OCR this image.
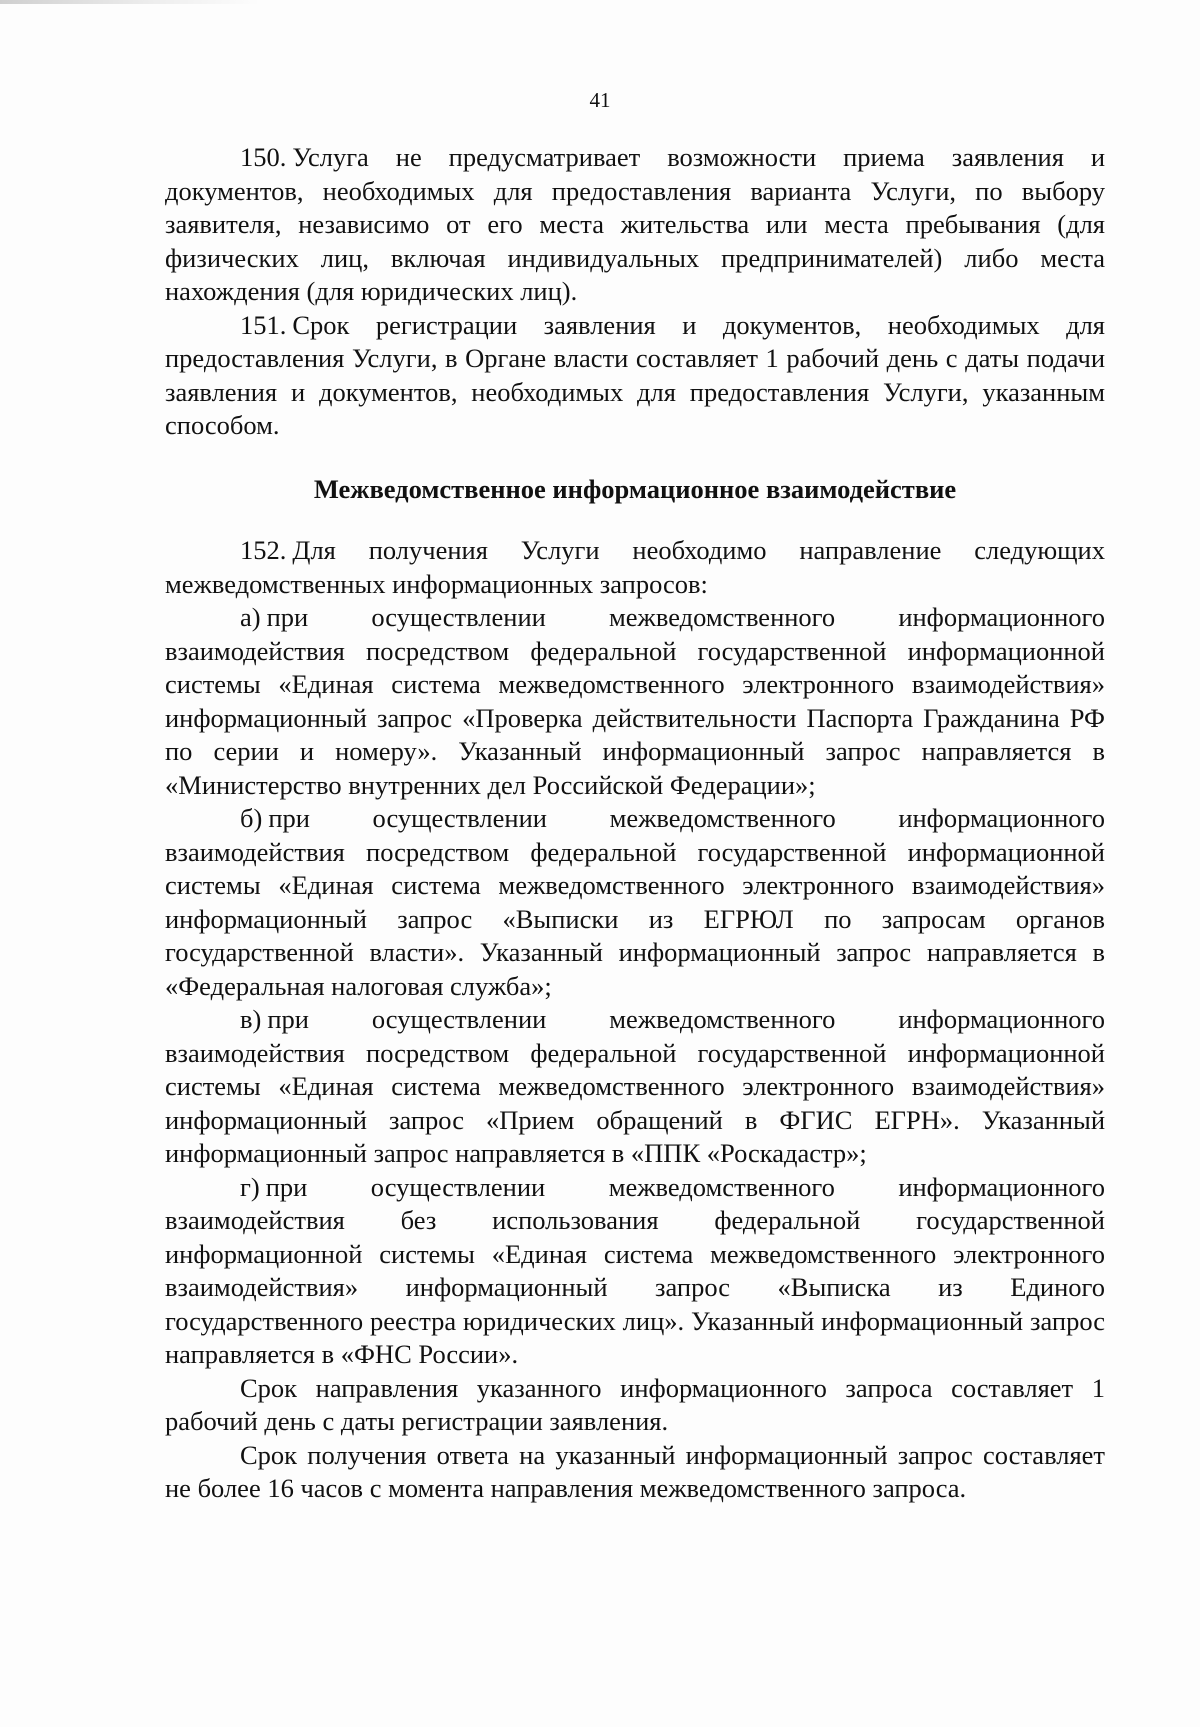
41

150. Услуга не предусматривает возможности приема заявления и документов, необходимых для предоставления варианта Услуги, по выбору заявителя, независимо от его места жительства или места пребывания (для физических лиц, включая индивидуальных предпринимателей) либо места нахождения (для юридических лиц).

151. Срок регистрации заявления и документов, необходимых для предоставления Услуги, в Органе власти составляет 1 рабочий день с даты подачи заявления и документов, необходимых для предоставления Услуги, указанным способом.

Межведомственное информационное взаимодействие

152. Для получения Услуги необходимо направление следующих межведомственных информационных запросов:

а) при осуществлении межведомственного информационного взаимодействия посредством федеральной государственной информационной системы «Единая система межведомственного электронного взаимодействия» информационный запрос «Проверка действительности Паспорта Гражданина РФ по серии и номеру». Указанный информационный запрос направляется в «Министерство внутренних дел Российской Федерации»;

б) при осуществлении межведомственного информационного взаимодействия посредством федеральной государственной информационной системы «Единая система межведомственного электронного взаимодействия» информационный запрос «Выписки из ЕГРЮЛ по запросам органов государственной власти». Указанный информационный запрос направляется в «Федеральная налоговая служба»;

в) при осуществлении межведомственного информационного взаимодействия посредством федеральной государственной информационной системы «Единая система межведомственного электронного взаимодействия» информационный запрос «Прием обращений в ФГИС ЕГРН». Указанный информационный запрос направляется в «ППК «Роскадастр»;

г) при осуществлении межведомственного информационного взаимодействия без использования федеральной государственной информационной системы «Единая система межведомственного электронного взаимодействия» информационный запрос «Выписка из Единого государственного реестра юридических лиц». Указанный информационный запрос направляется в «ФНС России».

Срок направления указанного информационного запроса составляет 1 рабочий день с даты регистрации заявления.

Срок получения ответа на указанный информационный запрос составляет не более 16 часов с момента направления межведомственного запроса.
